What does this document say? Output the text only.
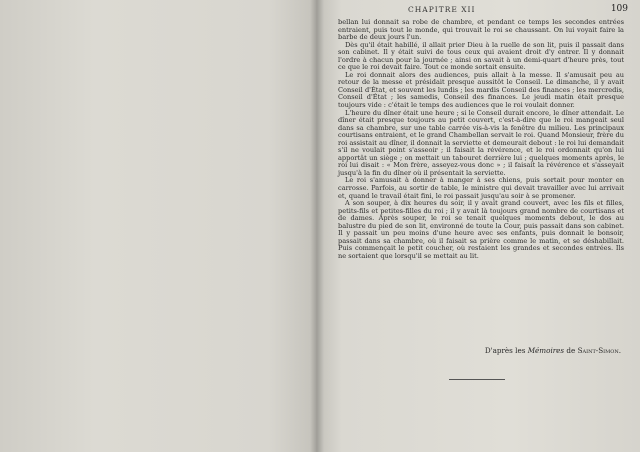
CHAPITRE XII	109

bellan lui donnait sa robe de chambre, et pendant ce temps les secondes entrées entraient, puis tout le monde, qui trouvait le roi se chaussant. On lui voyait faire la barbe de deux jours l'un.

Dès qu'il était habillé, il allait prier Dieu à la ruelle de son lit, puis il passait dans son cabinet. Il y était suivi de tous ceux qui avaient droit d'y entrer. Il y donnait l'ordre à chacun pour la journée ; ainsi on savait à un demi-quart d'heure près, tout ce que le roi devait faire. Tout ce monde sortait ensuite.

Le roi donnait alors des audiences, puis allait à la messe. Il s'amusait peu au retour de la messe et présidait presque aussitôt le Conseil. Le dimanche, il y avait Conseil d'État, et souvent les lundis ; les mardis Conseil des finances ; les mercredis, Conseil d'État ; les samedis, Conseil des finances. Le jeudi matin était presque toujours vide : c'était le temps des audiences que le roi voulait donner.

L'heure du dîner était une heure ; si le Conseil durait encore, le dîner attendait. Le dîner était presque toujours au petit couvert, c'est-à-dire que le roi mangeait seul dans sa chambre, sur une table carrée vis-à-vis la fenêtre du milieu. Les principaux courtisans entraient, et le grand Chambellan servait le roi. Quand Monsieur, frère du roi assistait au dîner, il donnait la serviette et demeurait debout : le roi lui demandait s'il ne voulait point s'asseoir ; il faisait la révérence, et le roi ordonnait qu'on lui apportât un siège ; on mettait un tabouret derrière lui ; quelques moments après, le roi lui disait : « Mon frère, asseyez-vous donc » ; il faisait la révérence et s'asseyait jusqu'à la fin du dîner où il présentait la serviette.

Le roi s'amusait à donner à manger à ses chiens, puis sortait pour monter en carrosse. Parfois, au sortir de table, le ministre qui devait travailler avec lui arrivait et, quand le travail était fini, le roi passait jusqu'au soir à se promener.

A son souper, à dix heures du soir, il y avait grand couvert, avec les fils et filles, petits-fils et petites-filles du roi ; il y avait là toujours grand nombre de courtisans et de dames. Après souper, le roi se tenait quelques moments debout, le dos au balustre du pied de son lit, environné de toute la Cour, puis passait dans son cabinet. Il y passait un peu moins d'une heure avec ses enfants, puis donnait le bonsoir, passait dans sa chambre, où il faisait sa prière comme le matin, et se déshabillait. Puis commençait le petit coucher, où restaient les grandes et secondes entrées. Ils ne sortaient que lorsqu'il se mettait au lit.

D'après les Mémoires de Saint-Simon.
